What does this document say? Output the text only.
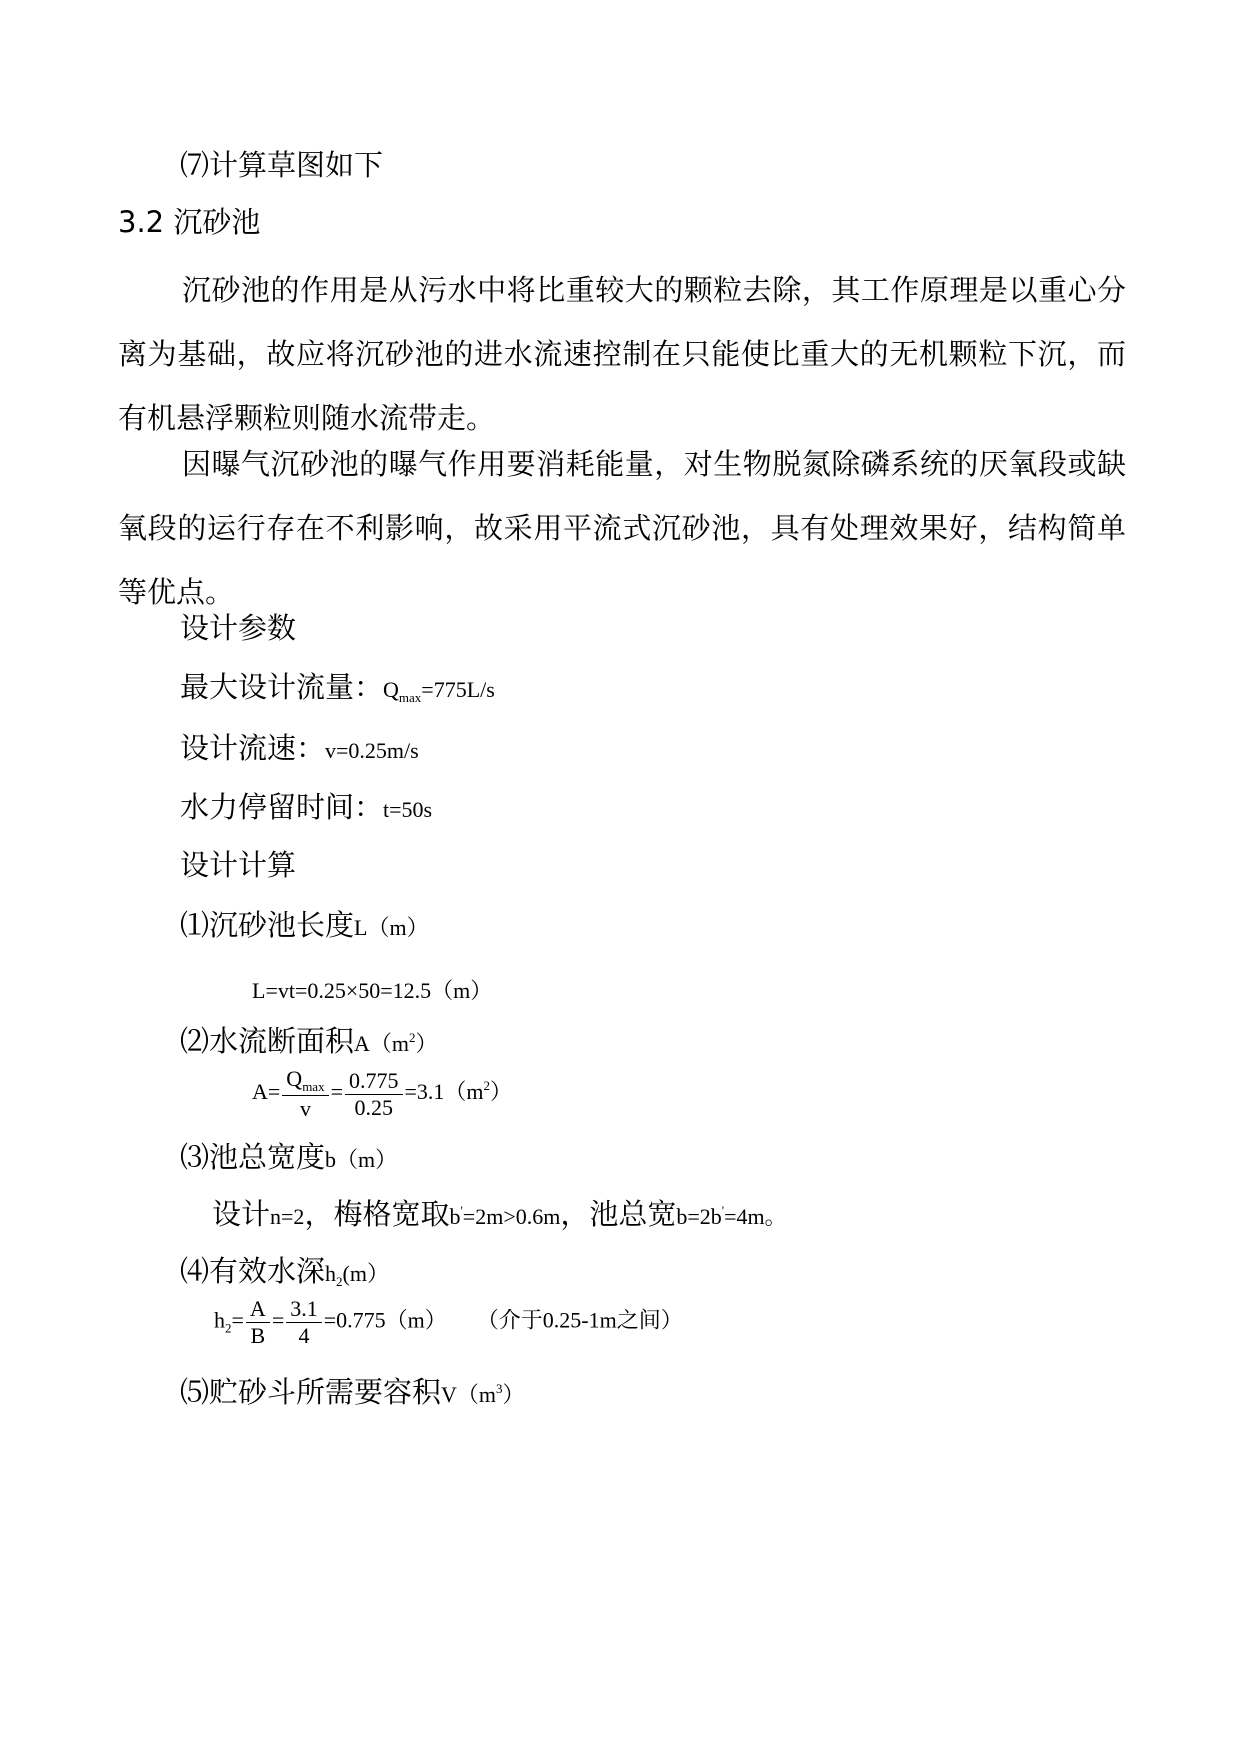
⑺计算草图如下
3.2 沉砂池
沉砂池的作用是从污水中将比重较大的颗粒去除，其工作原理是以重心分离为基础，故应将沉砂池的进水流速控制在只能使比重大的无机颗粒下沉，而有机悬浮颗粒则随水流带走。
因曝气沉砂池的曝气作用要消耗能量，对生物脱氮除磷系统的厌氧段或缺氧段的运行存在不利影响，故采用平流式沉砂池，具有处理效果好，结构简单等优点。
设计参数
最大设计流量：$Q_{max}=775L/s$
设计流速：v=0.25m/s
水力停留时间：t=50s
设计计算
⑴沉砂池长度L（m）
L=vt=0.25×50=12.5（m）
⑵水流断面积$A(m^2)$
$A= \frac{Q_{max}}{v} = \frac{0.775}{0.25} =3.1(m^2)$
⑶池总宽度b（m）
设计n=2，梅格宽取b'=2m>0.6m，池总宽b=2b'=4m。
⑷有效水深$h_2(m)$
$h_2= \frac{A}{B} = \frac{3.1}{4} =0.775(m)$ （介于0.25-1m之间）
⑸贮砂斗所需要容积$V(m^3)$
